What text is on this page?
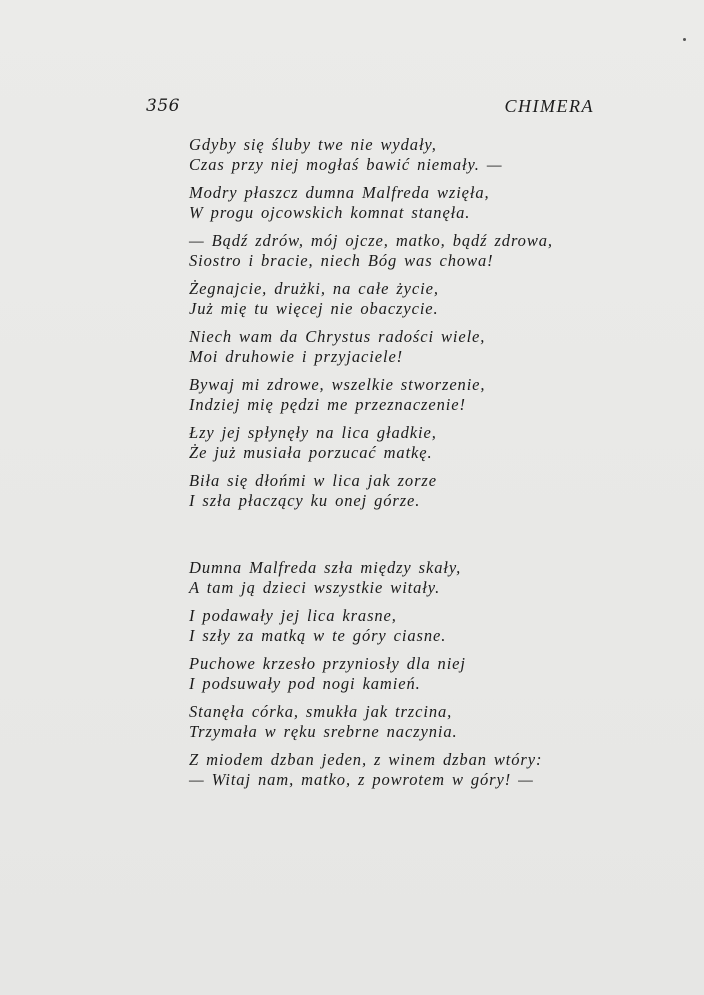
356	CHIMERA
Gdyby się śluby twe nie wydały,
Czas przy niej mogłaś bawić niemały. —
Modry płaszcz dumna Malfreda wzięła,
W progu ojcowskich komnat stanęła.
— Bądź zdrów, mój ojcze, matko, bądź zdrowa,
Siostro i bracie, niech Bóg was chowa!
Żegnajcie, drużki, na całe życie,
Już mię tu więcej nie obaczycie.
Niech wam da Chrystus radości wiele,
Moi druhowie i przyjaciele!
Bywaj mi zdrowe, wszelkie stworzenie,
Indziej mię pędzi me przeznaczenie!
Łzy jej spłynęły na lica gładkie,
Że już musiała porzucać matkę.
Biła się dłońmi w lica jak zorze
I szła płaczący ku onej górze.
Dumna Malfreda szła między skały,
A tam ją dzieci wszystkie witały.
I podawały jej lica krasne,
I szły za matką w te góry ciasne.
Puchowe krzesło przyniosły dla niej
I podsuwały pod nogi kamień.
Stanęła córka, smukła jak trzcina,
Trzymała w ręku srebrne naczynia.
Z miodem dzban jeden, z winem dzban wtóry:
— Witaj nam, matko, z powrotem w góry! —
